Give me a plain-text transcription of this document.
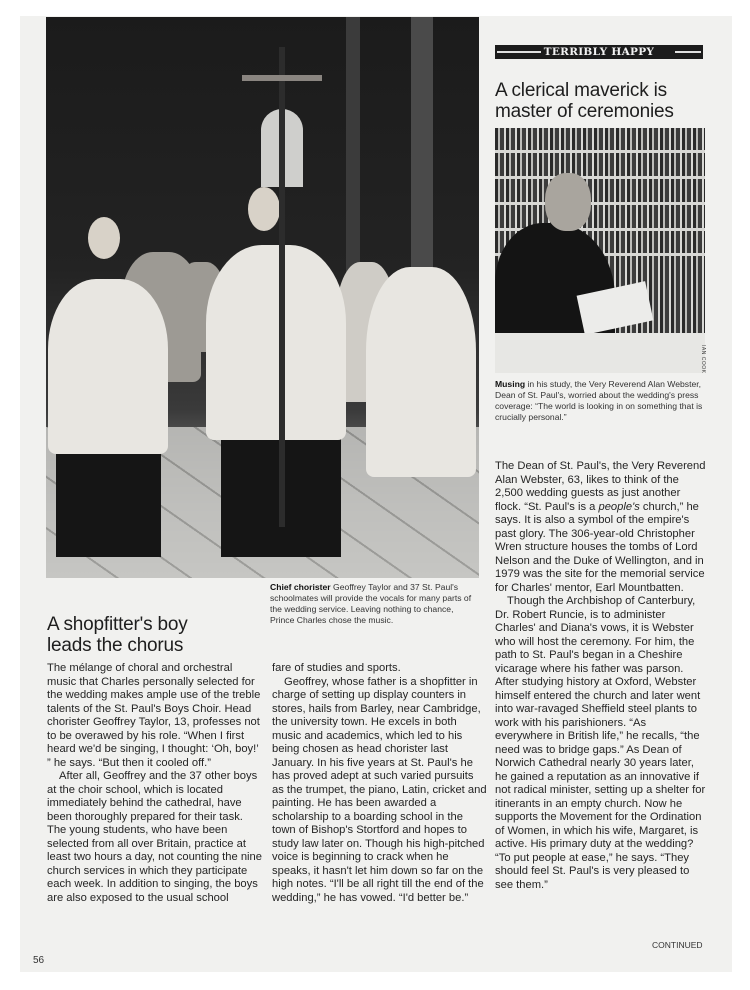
Chief chorister Geoffrey Taylor and 37 St. Paul's schoolmates will provide the vocals for many parts of the wedding service. Leaving nothing to chance, Prince Charles chose the music.
TERRIBLY HAPPY
A clerical maverick is
master of ceremonies
IAN COOK
Musing in his study, the Very Reverend Alan Webster, Dean of St. Paul's, worried about the wedding's press coverage: “The world is looking in on something that is crucially personal.”

The Dean of St. Paul's, the Very Reverend Alan Webster, 63, likes to think of the 2,500 wedding guests as just another flock. “St. Paul's is a people's church,” he says. It is also a symbol of the empire's past glory. The 306-year-old Christopher Wren structure houses the tombs of Lord Nelson and the Duke of Wellington, and in 1979 was the site for the memorial service for Charles' mentor, Earl Mountbatten.

Though the Archbishop of Canterbury, Dr. Robert Runcie, is to administer Charles' and Diana's vows, it is Webster who will host the ceremony. For him, the path to St. Paul's began in a Cheshire vicarage where his father was parson. After studying history at Oxford, Webster himself entered the church and later went into war-ravaged Sheffield steel plants to work with his parishioners. “As everywhere in British life,” he recalls, “the need was to bridge gaps.” As Dean of Norwich Cathedral nearly 30 years later, he gained a reputation as an innovative if not radical minister, setting up a shelter for itinerants in an empty church. Now he supports the Movement for the Ordination of Women, in which his wife, Margaret, is active. His primary duty at the wedding? “To put people at ease,” he says. “They should feel St. Paul's is very pleased to see them.”

A shopfitter's boy
leads the chorus

The mélange of choral and orchestral music that Charles personally selected for the wedding makes ample use of the treble talents of the St. Paul's Boys Choir. Head chorister Geoffrey Taylor, 13, professes not to be overawed by his role. “When I first heard we'd be singing, I thought: ‘Oh, boy!’ ” he says. “But then it cooled off.”

After all, Geoffrey and the 37 other boys at the choir school, which is located immediately behind the cathedral, have been thoroughly prepared for their task. The young students, who have been selected from all over Britain, practice at least two hours a day, not counting the nine church services in which they participate each week. In addition to singing, the boys are also exposed to the usual school

fare of studies and sports.

Geoffrey, whose father is a shopfitter in charge of setting up display counters in stores, hails from Barley, near Cambridge, the university town. He excels in both music and academics, which led to his being chosen as head chorister last January. In his five years at St. Paul's he has proved adept at such varied pursuits as the trumpet, the piano, Latin, cricket and painting. He has been awarded a scholarship to a boarding school in the town of Bishop's Stortford and hopes to study law later on. Though his high-pitched voice is beginning to crack when he speaks, it hasn't let him down so far on the high notes. “I'll be all right till the end of the wedding,” he has vowed. “I'd better be.”

CONTINUED
56
